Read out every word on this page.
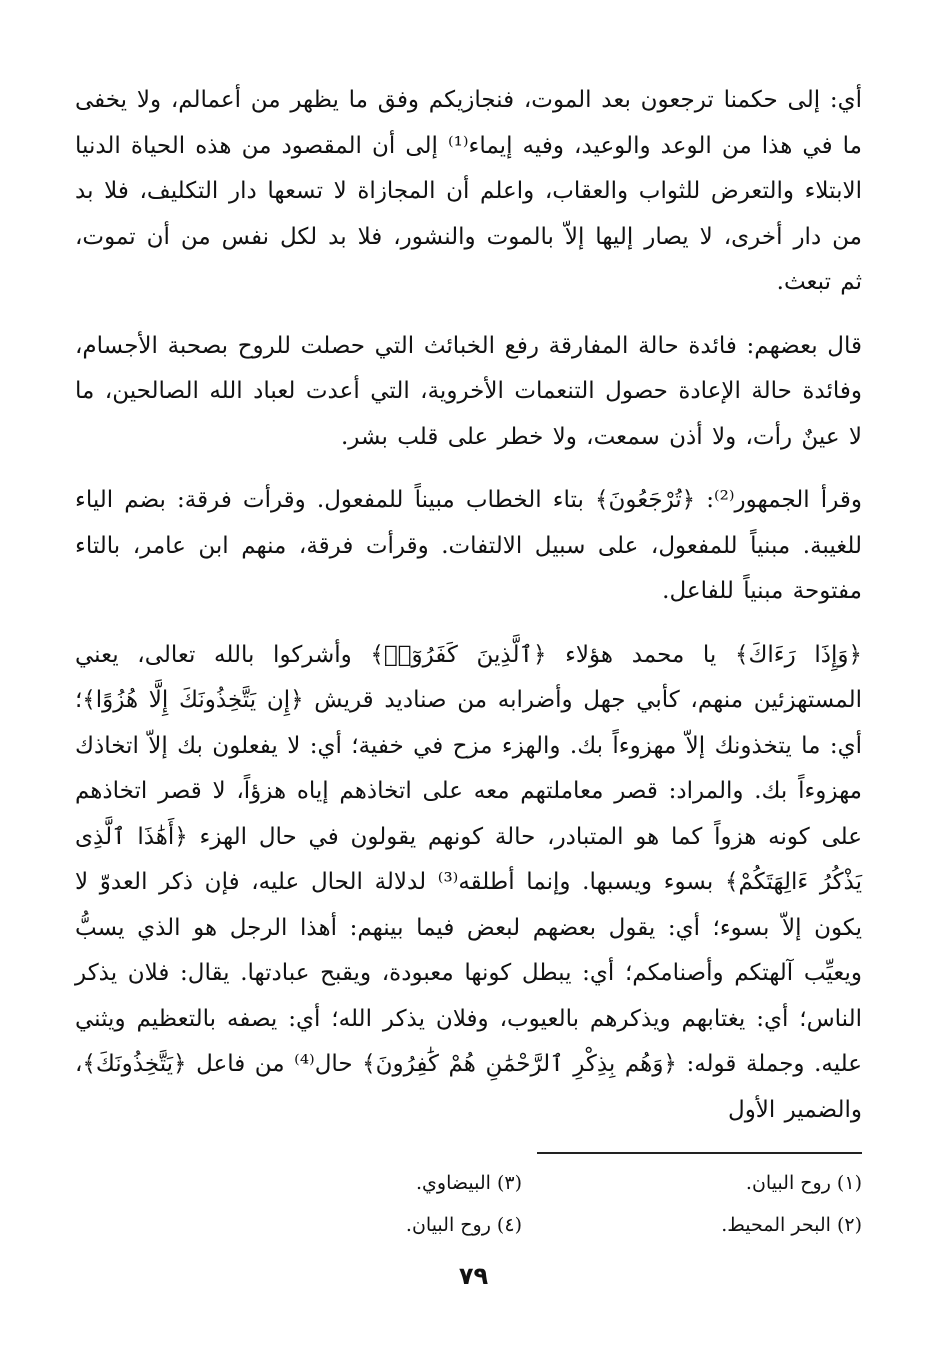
أي: إلى حكمنا ترجعون بعد الموت، فنجازيكم وفق ما يظهر من أعمالم، ولا يخفى ما في هذا من الوعد والوعيد، وفيه إيماء⁽¹⁾ إلى أن المقصود من هذه الحياة الدنيا الابتلاء والتعرض للثواب والعقاب، واعلم أن المجازاة لا تسعها دار التكليف، فلا بد من دار أخرى، لا يصار إليها إلاّ بالموت والنشور، فلا بد لكل نفس من أن تموت، ثم تبعث.

قال بعضهم: فائدة حالة المفارقة رفع الخبائث التي حصلت للروح بصحبة الأجسام، وفائدة حالة الإعادة حصول التنعمات الأخروية، التي أعدت لعباد الله الصالحين، ما لا عينٌ رأت، ولا أذن سمعت، ولا خطر على قلب بشر.

وقرأ الجمهور⁽²⁾: ﴿تُرْجَعُونَ﴾ بتاء الخطاب مبيناً للمفعول. وقرأت فرقة: بضم الياء للغيبة. مبنياً للمفعول، على سبيل الالتفات. وقرأت فرقة، منهم ابن عامر، بالتاء مفتوحة مبنياً للفاعل.

﴿وَإِذَا رَءَاكَ﴾ يا محمد هؤلاء ﴿ٱلَّذِينَ كَفَرُوٓا۟﴾ وأشركوا بالله تعالى، يعني المستهزئين منهم، كأبي جهل وأضرابه من صناديد قريش ﴿إِن يَتَّخِذُونَكَ إِلَّا هُزُوًا﴾؛ أي: ما يتخذونك إلاّ مهزوءاً بك. والهزء مزح في خفية؛ أي: لا يفعلون بك إلاّ اتخاذك مهزوءاً بك. والمراد: قصر معاملتهم معه على اتخاذهم إياه هزؤاً، لا قصر اتخاذهم على كونه هزواً كما هو المتبادر، حالة كونهم يقولون في حال الهزء ﴿أَهَٰذَا ٱلَّذِى يَذْكُرُ ءَالِهَتَكُمْ﴾ بسوء ويسبها. وإنما أطلقه⁽³⁾ لدلالة الحال عليه، فإن ذكر العدوّ لا يكون إلاّ بسوء؛ أي: يقول بعضهم لبعض فيما بينهم: أهذا الرجل هو الذي يسبُّ ويعيِّب آلهتكم وأصنامكم؛ أي: يبطل كونها معبودة، ويقبح عبادتها. يقال: فلان يذكر الناس؛ أي: يغتابهم ويذكرهم بالعيوب، وفلان يذكر الله؛ أي: يصفه بالتعظيم ويثني عليه. وجملة قوله: ﴿وَهُم بِذِكْرِ ٱلرَّحْمَٰنِ هُمْ كَٰفِرُونَ﴾ حال⁽⁴⁾ من فاعل ﴿يَتَّخِذُونَكَ﴾، والضمير الأول

(١) روح البيان.
(٣) البيضاوي.
(٢) البحر المحيط.
(٤) روح البيان.
٧٩
